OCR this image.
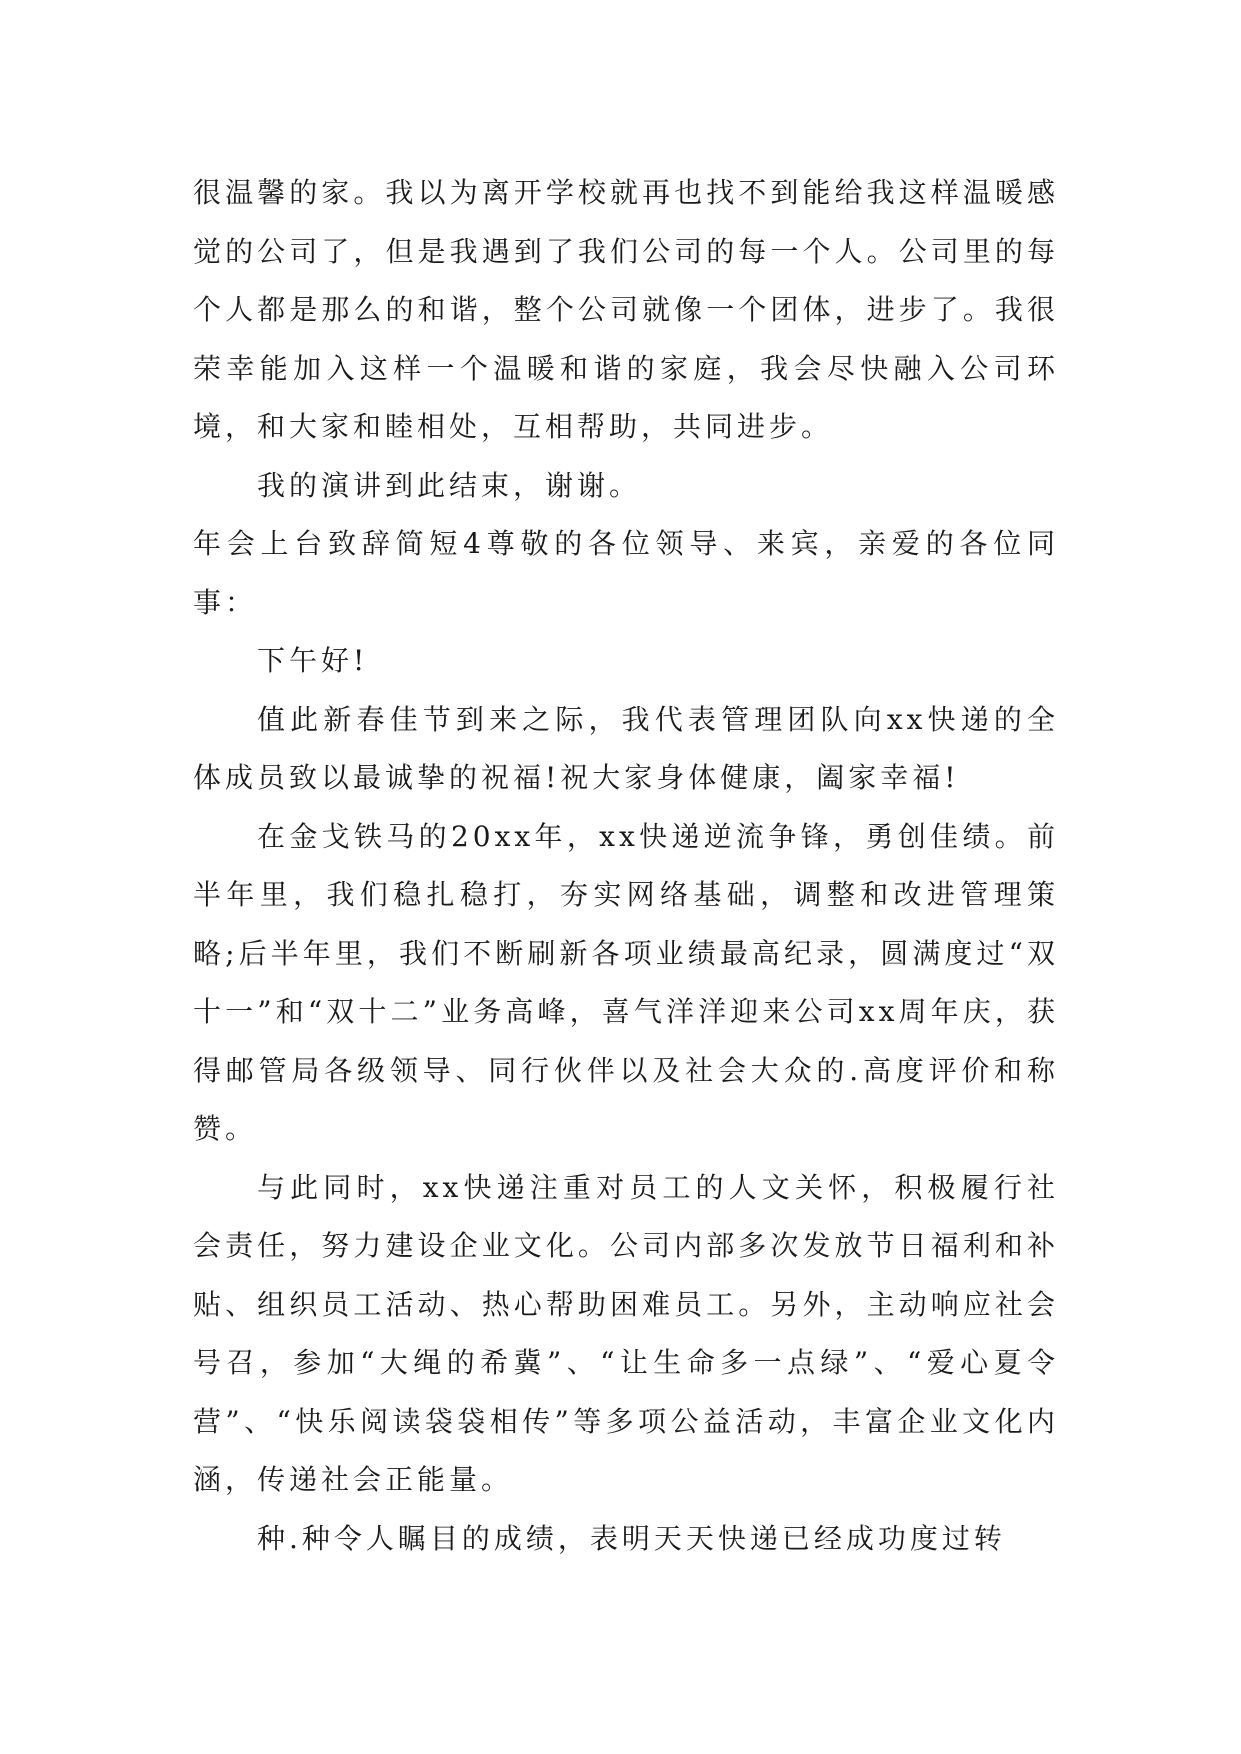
很温馨的家。我以为离开学校就再也找不到能给我这样温暖感觉的公司了，但是我遇到了我们公司的每一个人。公司里的每个人都是那么的和谐，整个公司就像一个团体，进步了。我很荣幸能加入这样一个温暖和谐的家庭，我会尽快融入公司环境，和大家和睦相处，互相帮助，共同进步。

我的演讲到此结束，谢谢。

年会上台致辞简短4尊敬的各位领导、来宾，亲爱的各位同事：

下午好!

值此新春佳节到来之际，我代表管理团队向xx快递的全体成员致以最诚挚的祝福!祝大家身体健康，阖家幸福!

在金戈铁马的20xx年，xx快递逆流争锋，勇创佳绩。前半年里，我们稳扎稳打，夯实网络基础，调整和改进管理策略;后半年里，我们不断刷新各项业绩最高纪录，圆满度过“双十一”和“双十二”业务高峰，喜气洋洋迎来公司xx周年庆，获得邮管局各级领导、同行伙伴以及社会大众的.高度评价和称赞。

与此同时，xx快递注重对员工的人文关怀，积极履行社会责任，努力建设企业文化。公司内部多次发放节日福利和补贴、组织员工活动、热心帮助困难员工。另外，主动响应社会号召，参加“大绳的希冀”、“让生命多一点绿”、“爱心夏令营”、“快乐阅读袋袋相传”等多项公益活动，丰富企业文化内涵，传递社会正能量。

种.种令人瞩目的成绩，表明天天快递已经成功度过转
